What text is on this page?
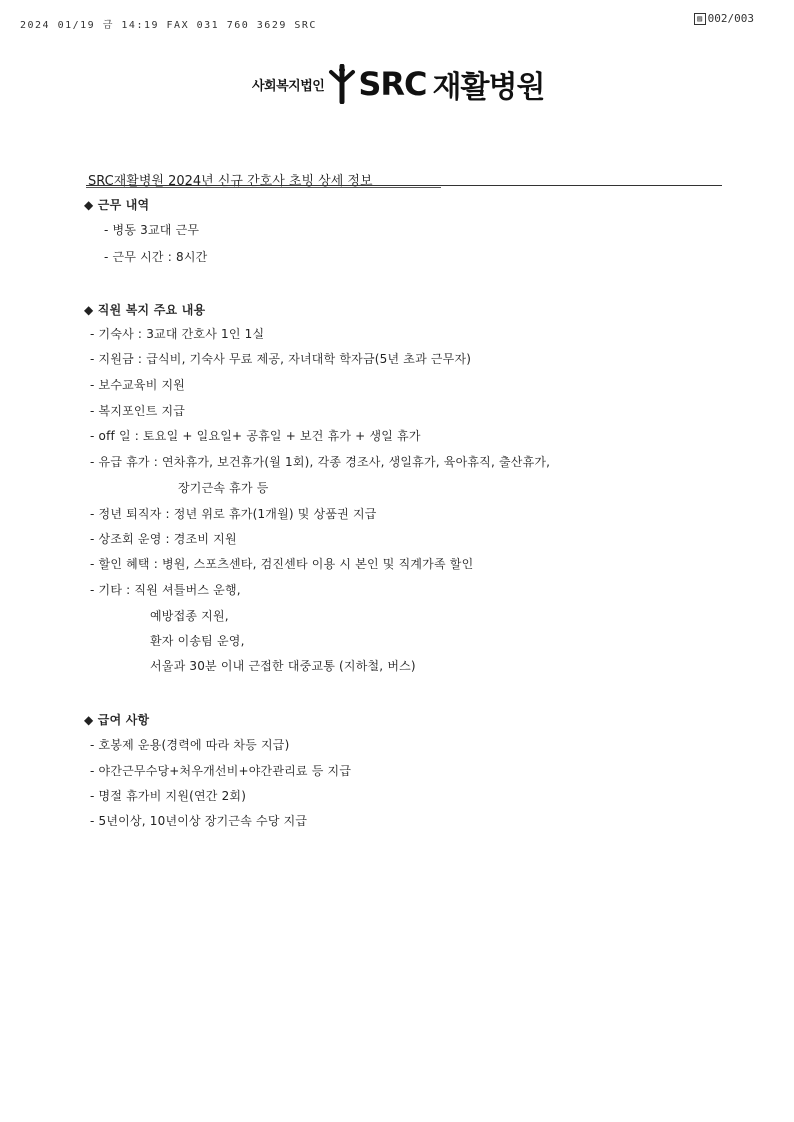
2024 01/19 금 14:19 FAX 031 760 3629 SRC
▨ 002/003
사회복지법인 SRC 재활병원
SRC재활병원 2024년 신규 간호사 초빙 상세 정보
◆ 근무 내역
- 병동 3교대 근무
- 근무 시간 : 8시간
◆ 직원 복지 주요 내용
- 기숙사 : 3교대 간호사 1인 1실
- 지원금 : 급식비, 기숙사 무료 제공, 자녀대학 학자금(5년 초과 근무자)
- 보수교육비 지원
- 복지포인트 지급
- off 일 : 토요일 + 일요일+ 공휴일 + 보건 휴가 + 생일 휴가
- 유급 휴가 : 연차휴가, 보건휴가(월 1회), 각종 경조사, 생일휴가, 육아휴직, 출산휴가,
장기근속 휴가 등
- 정년 퇴직자 : 정년 위로 휴가(1개월) 및 상품권 지급
- 상조회 운영 : 경조비 지원
- 할인 혜택 : 병원, 스포츠센타, 검진센타 이용 시 본인 및 직계가족 할인
- 기타 : 직원 셔틀버스 운행,
예방접종 지원,
환자 이송팀 운영,
서울과 30분 이내 근접한 대중교통 (지하철, 버스)
◆ 급여 사항
- 호봉제 운용(경력에 따라 차등 지급)
- 야간근무수당+처우개선비+야간관리료 등 지급
- 명절 휴가비 지원(연간 2회)
- 5년이상, 10년이상 장기근속 수당 지급
